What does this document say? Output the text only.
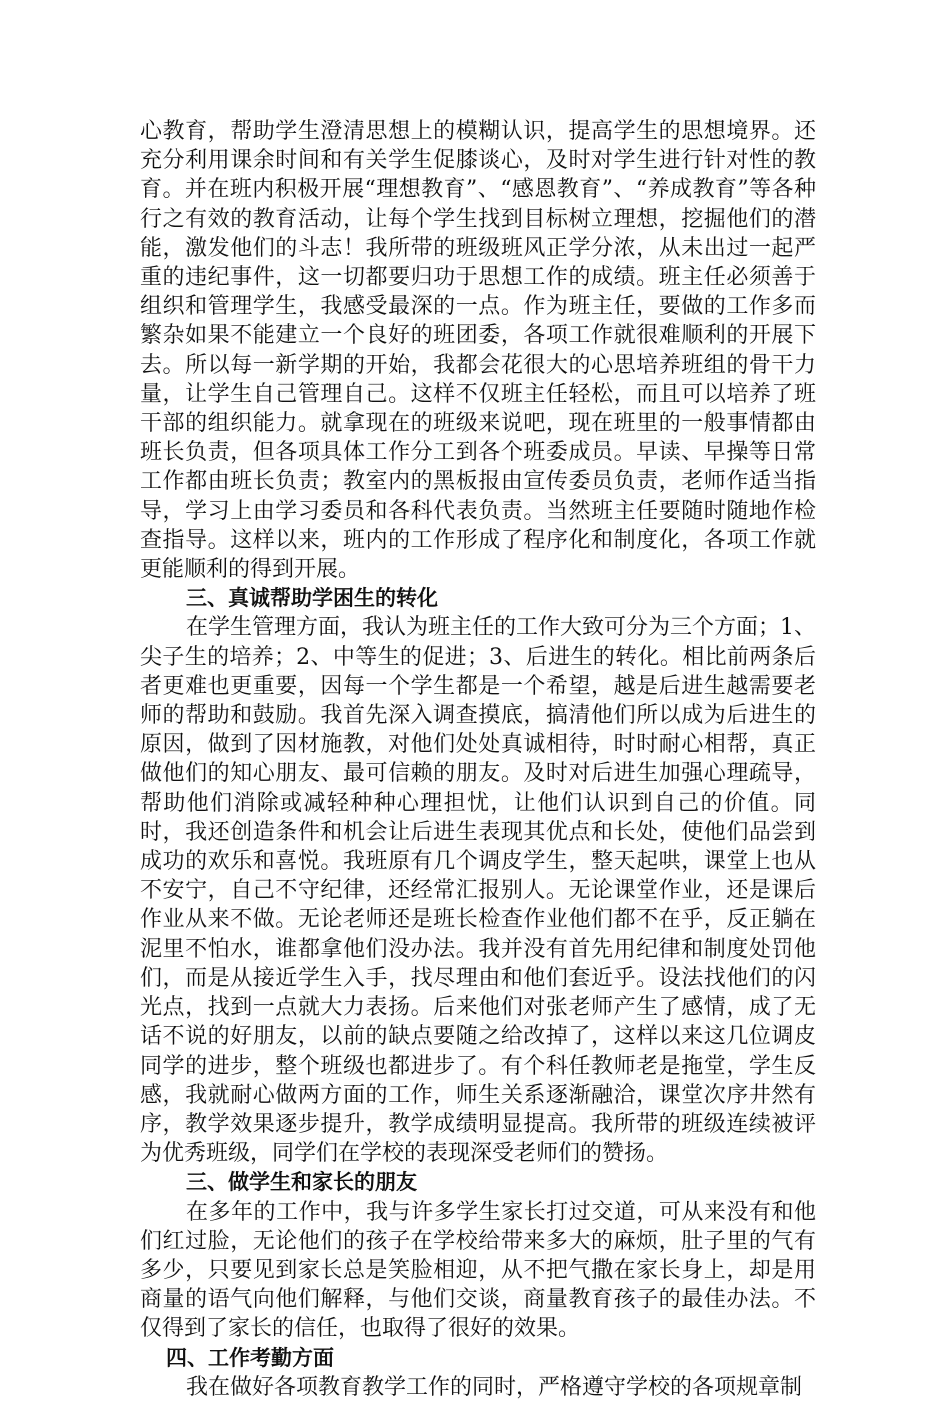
心教育，帮助学生澄清思想上的模糊认识，提高学生的思想境界。还充分利用课余时间和有关学生促膝谈心，及时对学生进行针对性的教育。并在班内积极开展“理想教育”、“感恩教育”、“养成教育”等各种行之有效的教育活动，让每个学生找到目标树立理想，挖掘他们的潜能，激发他们的斗志！我所带的班级班风正学分浓，从未出过一起严重的违纪事件，这一切都要归功于思想工作的成绩。班主任必须善于组织和管理学生，我感受最深的一点。作为班主任，要做的工作多而繁杂如果不能建立一个良好的班团委，各项工作就很难顺利的开展下去。所以每一新学期的开始，我都会花很大的心思培养班组的骨干力量，让学生自己管理自己。这样不仅班主任轻松，而且可以培养了班干部的组织能力。就拿现在的班级来说吧，现在班里的一般事情都由班长负责，但各项具体工作分工到各个班委成员。早读、早操等日常工作都由班长负责；教室内的黑板报由宣传委员负责，老师作适当指导，学习上由学习委员和各科代表负责。当然班主任要随时随地作检查指导。这样以来，班内的工作形成了程序化和制度化，各项工作就更能顺利的得到开展。

三、真诚帮助学困生的转化

在学生管理方面，我认为班主任的工作大致可分为三个方面；1、尖子生的培养；2、中等生的促进；3、后进生的转化。相比前两条后者更难也更重要，因每一个学生都是一个希望，越是后进生越需要老师的帮助和鼓励。我首先深入调查摸底，搞清他们所以成为后进生的原因，做到了因材施教，对他们处处真诚相待，时时耐心相帮，真正做他们的知心朋友、最可信赖的朋友。及时对后进生加强心理疏导，帮助他们消除或减轻种种心理担忧，让他们认识到自己的价值。同时，我还创造条件和机会让后进生表现其优点和长处，使他们品尝到成功的欢乐和喜悦。我班原有几个调皮学生，整天起哄，课堂上也从不安宁，自己不守纪律，还经常汇报别人。无论课堂作业，还是课后作业从来不做。无论老师还是班长检查作业他们都不在乎，反正躺在泥里不怕水，谁都拿他们没办法。我并没有首先用纪律和制度处罚他们，而是从接近学生入手，找尽理由和他们套近乎。设法找他们的闪光点，找到一点就大力表扬。后来他们对张老师产生了感情，成了无话不说的好朋友，以前的缺点要随之给改掉了，这样以来这几位调皮同学的进步，整个班级也都进步了。有个科任教师老是拖堂，学生反感，我就耐心做两方面的工作，师生关系逐渐融洽，课堂次序井然有序，教学效果逐步提升，教学成绩明显提高。我所带的班级连续被评为优秀班级，同学们在学校的表现深受老师们的赞扬。

三、做学生和家长的朋友

在多年的工作中，我与许多学生家长打过交道，可从来没有和他们红过脸，无论他们的孩子在学校给带来多大的麻烦，肚子里的气有多少，只要见到家长总是笑脸相迎，从不把气撒在家长身上，却是用商量的语气向他们解释，与他们交谈，商量教育孩子的最佳办法。不仅得到了家长的信任，也取得了很好的效果。

四、工作考勤方面

我在做好各项教育教学工作的同时，严格遵守学校的各项规章制
